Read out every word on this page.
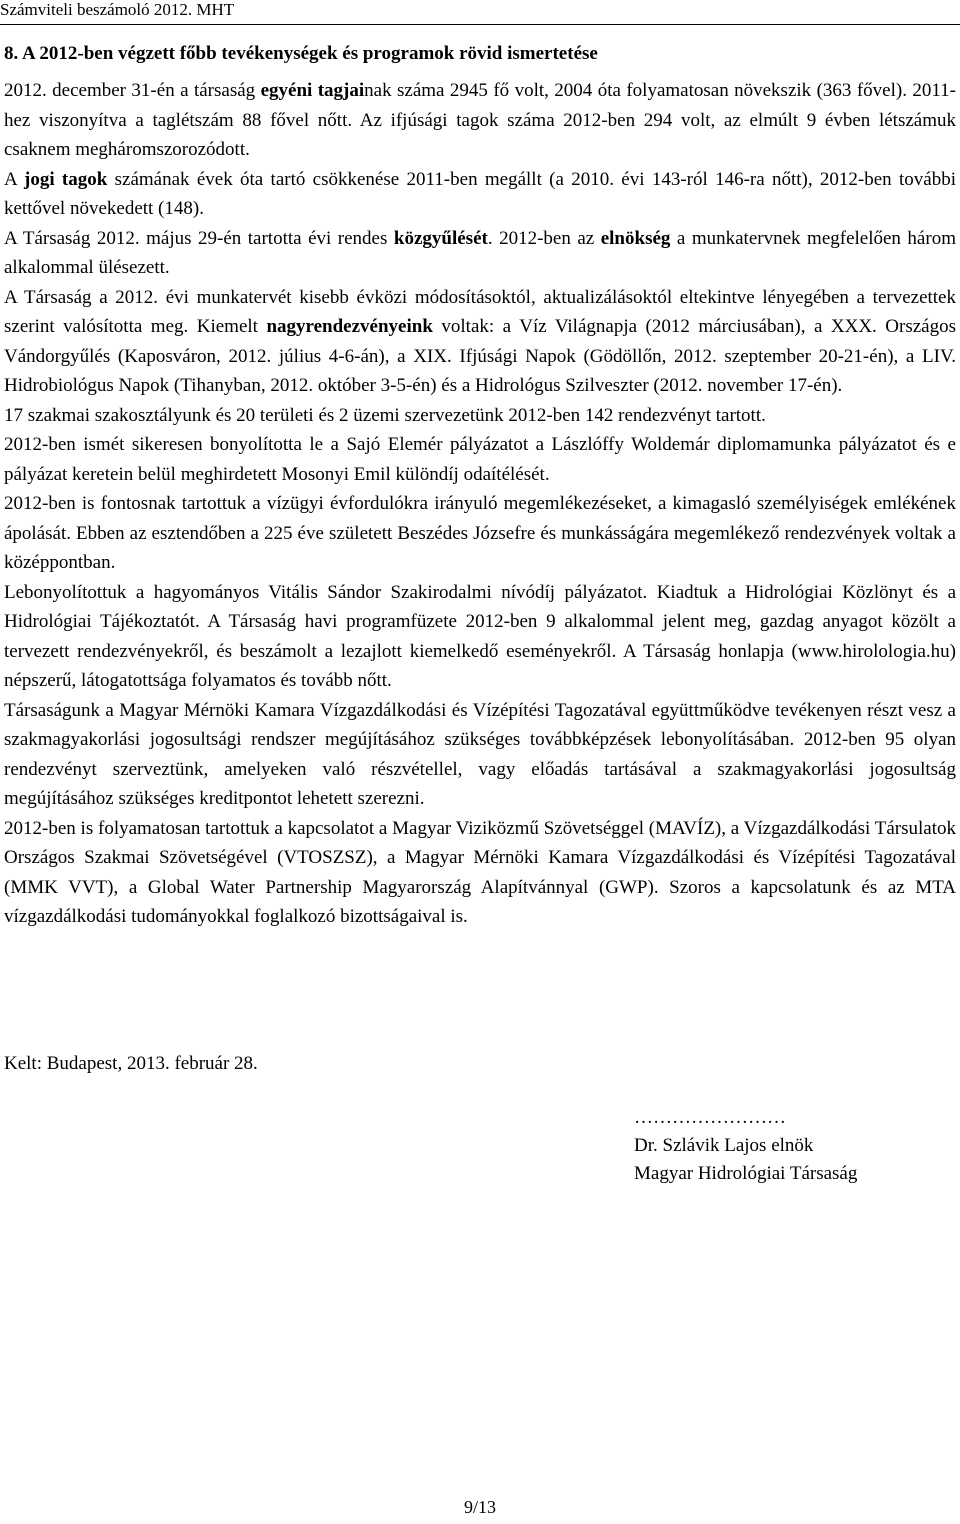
Számviteli beszámoló 2012. MHT
8. A 2012-ben végzett főbb tevékenységek és programok rövid ismertetése

2012. december 31-én a társaság egyéni tagjainak száma 2945 fő volt, 2004 óta folyamatosan növekszik (363 fővel). 2011-hez viszonyítva a taglétszám 88 fővel nőtt. Az ifjúsági tagok száma 2012-ben 294 volt, az elmúlt 9 évben létszámuk csaknem megháromszorozódott.

A jogi tagok számának évek óta tartó csökkenése 2011-ben megállt (a 2010. évi 143-ról 146-ra nőtt), 2012-ben további kettővel növekedett (148).

A Társaság 2012. május 29-én tartotta évi rendes közgyűlését. 2012-ben az elnökség a munkatervnek megfelelően három alkalommal ülésezett.

A Társaság a 2012. évi munkatervét kisebb évközi módosításoktól, aktualizálásoktól eltekintve lényegében a tervezettek szerint valósította meg. Kiemelt nagyrendezvényeink voltak: a Víz Világnapja (2012 márciusában), a XXX. Országos Vándorgyűlés (Kaposváron, 2012. július 4-6-án), a XIX. Ifjúsági Napok (Gödöllőn, 2012. szeptember 20-21-én), a LIV. Hidrobiológus Napok (Tihanyban, 2012. október 3-5-én) és a Hidrológus Szilveszter (2012. november 17-én).

17 szakmai szakosztályunk és 20 területi és 2 üzemi szervezetünk 2012-ben 142 rendezvényt tartott.

2012-ben ismét sikeresen bonyolította le a Sajó Elemér pályázatot a Lászlóffy Woldemár diplomamunka pályázatot és e pályázat keretein belül meghirdetett Mosonyi Emil különdíj odaítélését.

2012-ben is fontosnak tartottuk a vízügyi évfordulókra irányuló megemlékezéseket, a kimagasló személyiségek emlékének ápolását. Ebben az esztendőben a 225 éve született Beszédes Józsefre és munkásságára megemlékező rendezvények voltak a középpontban.

Lebonyolítottuk a hagyományos Vitális Sándor Szakirodalmi nívódíj pályázatot. Kiadtuk a Hidrológiai Közlönyt és a Hidrológiai Tájékoztatót. A Társaság havi programfüzete 2012-ben 9 alkalommal jelent meg, gazdag anyagot közölt a tervezett rendezvényekről, és beszámolt a lezajlott kiemelkedő eseményekről. A Társaság honlapja (www.hirolologia.hu) népszerű, látogatottsága folyamatos és tovább nőtt.

Társaságunk a Magyar Mérnöki Kamara Vízgazdálkodási és Vízépítési Tagozatával együttműködve tevékenyen részt vesz a szakmagyakorlási jogosultsági rendszer megújításához szükséges továbbképzések lebonyolításában. 2012-ben 95 olyan rendezvényt szerveztünk, amelyeken való részvétellel, vagy előadás tartásával a szakmagyakorlási jogosultság megújításához szükséges kreditpontot lehetett szerezni.

2012-ben is folyamatosan tartottuk a kapcsolatot a Magyar Viziközmű Szövetséggel (MAVÍZ), a Vízgazdálkodási Társulatok Országos Szakmai Szövetségével (VTOSZSZ), a Magyar Mérnöki Kamara Vízgazdálkodási és Vízépítési Tagozatával (MMK VVT), a Global Water Partnership Magyarország Alapítvánnyal (GWP). Szoros a kapcsolatunk és az MTA vízgazdálkodási tudományokkal foglalkozó bizottságaival is.

Kelt: Budapest, 2013. február 28.
……………………
Dr. Szlávik Lajos elnök
Magyar Hidrológiai Társaság
9/13
